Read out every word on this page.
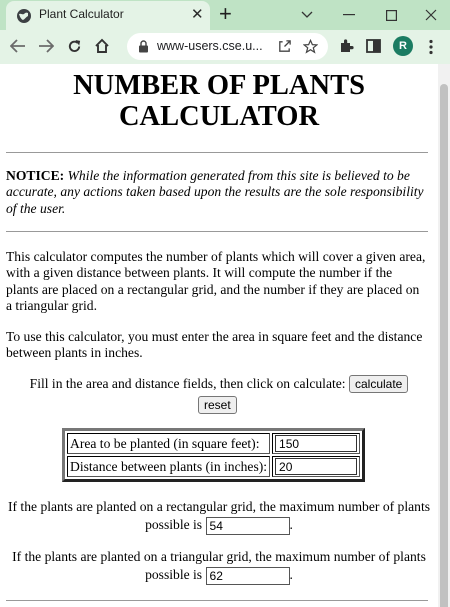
Plant Calculator	✕ +
www-users.cse.u...	R
NUMBER OF PLANTS CALCULATOR

NOTICE: While the information generated from this site is believed to be accurate, any actions taken based upon the results are the sole responsibility of the user.

This calculator computes the number of plants which will cover a given area, with a given distance between plants. It will compute the number if the plants are placed on a rectangular grid, and the number if they are placed on a triangular grid.

To use this calculator, you must enter the area in square feet and the distance between plants in inches.

Fill in the area and distance fields, then click on calculate: calculate
reset
Area to be planted (in square feet):	150
Distance between plants (in inches):	20
If the plants are planted on a rectangular grid, the maximum number of plants possible is 54	.
If the plants are planted on a triangular grid, the maximum number of plants possible is 62	.
